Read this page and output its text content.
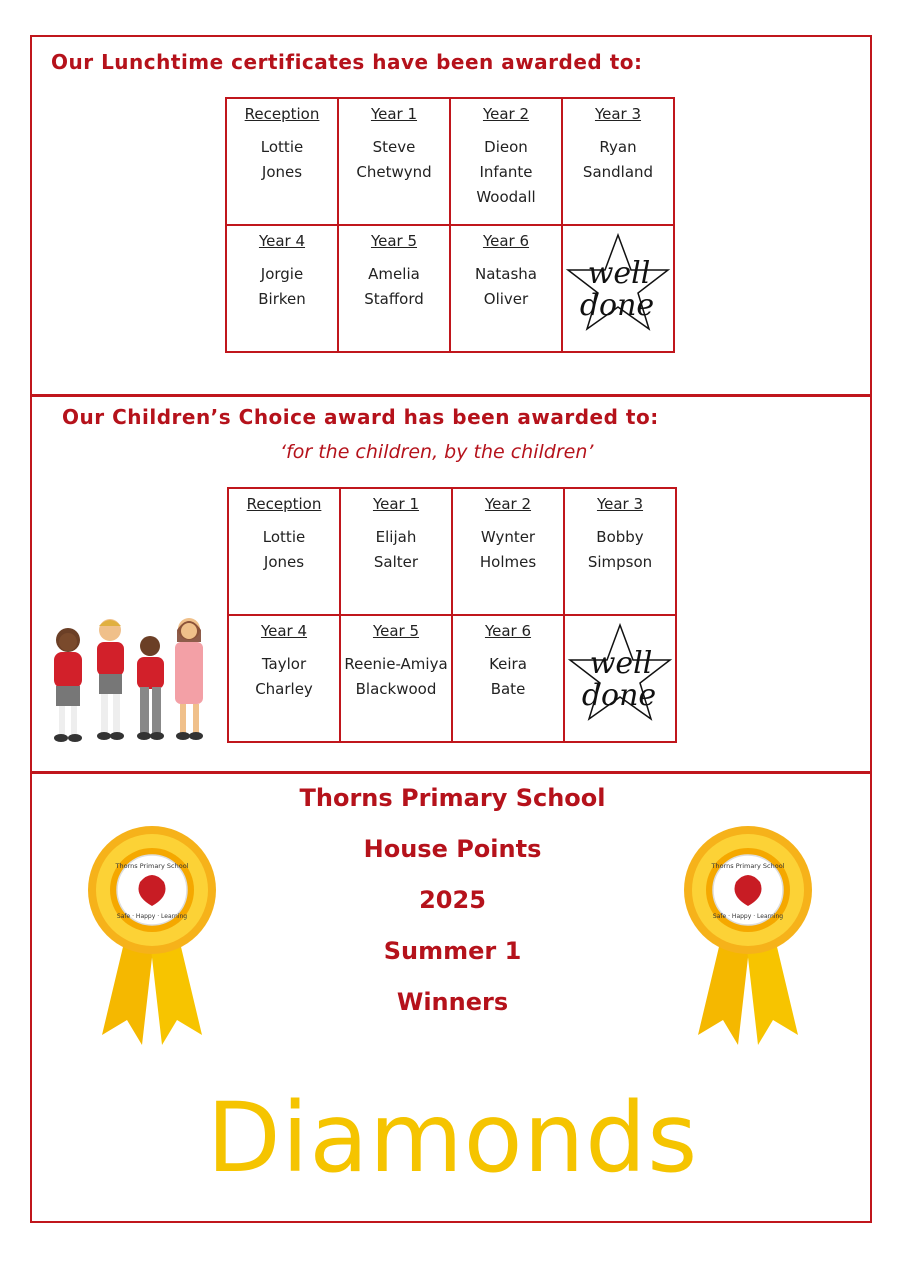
Our Lunchtime certificates have been awarded to:
Reception
Lottie
Jones	Year 1
Steve
Chetwynd	Year 2
Dieon
Infante
Woodall	Year 3
Ryan
Sandland

Year 4
Jorgie
Birken	Year 5
Amelia
Stafford	Year 6
Natasha
Oliver	well
done
Our Children’s Choice award has been awarded to:
‘for the children, by the children’
Reception
Lottie
Jones	Year 1
Elijah
Salter	Year 2
Wynter
Holmes	Year 3
Bobby
Simpson

Year 4
Taylor
Charley	Year 5
Reenie-Amiya
Blackwood	Year 6
Keira
Bate	well
done
Thorns Primary School
House Points
2025
Summer 1
Winners
Diamonds
Thorns Primary School
Safe · Happy · Learning
Thorns Primary School
Safe · Happy · Learning
